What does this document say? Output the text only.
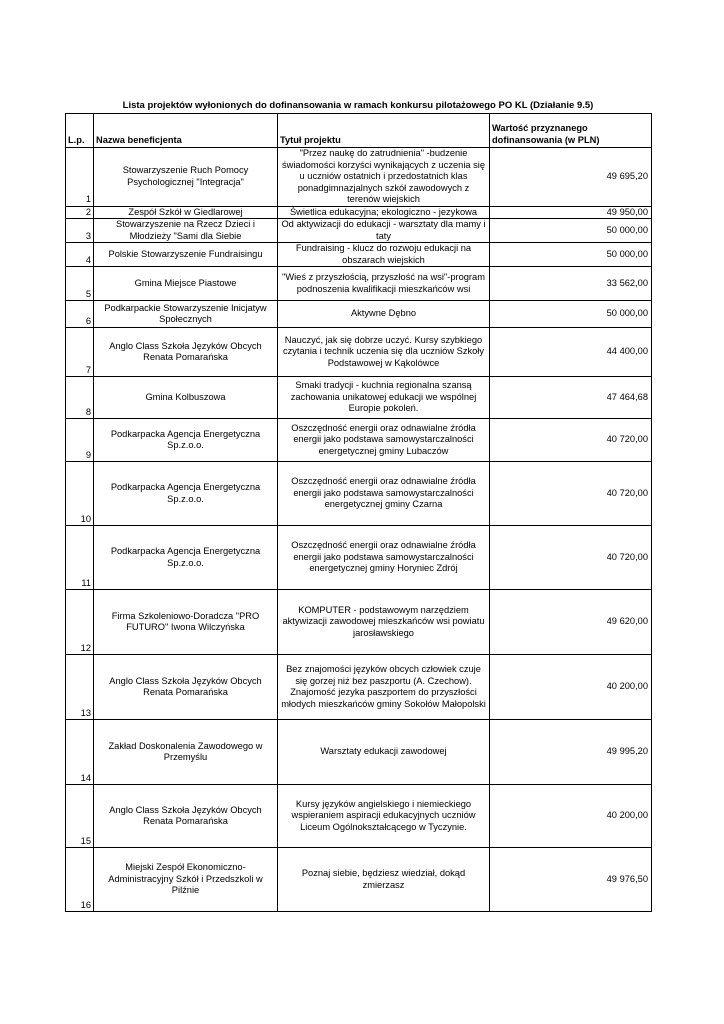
Lista projektów wyłonionych do dofinansowania w ramach konkursu pilotażowego PO KL (Działanie 9.5)
L.p.	Nazwa beneficjenta	Tytuł projektu	Wartość przyznanego dofinansowania (w PLN)
1	Stowarzyszenie Ruch Pomocy Psychologicznej "Integracja"	"Przez naukę do zatrudnienia" -budzenie świadomości korzyści wynikających z uczenia się u uczniów ostatnich i przedostatnich klas ponadgimnazjalnych szkół zawodowych z terenów wiejskich	49 695,20
2	Zespół Szkół w Giedlarowej	Świetlica edukacyjna; ekologiczno - jezykowa	49 950,00
3	Stowarzyszenie na Rzecz Dzieci i Młodzieży "Sami dla Siebie	Od aktywizacji do edukacji - warsztaty dla mamy i taty	50 000,00
4	Polskie Stowarzyszenie Fundraisingu	Fundraising - klucz do rozwoju edukacji na obszarach wiejskich	50 000,00
5	Gmina Miejsce Piastowe	"Wieś z przyszłością, przyszłość na wsi"-program podnoszenia kwalifikacji mieszkańców wsi	33 562,00
6	Podkarpackie Stowarzyszenie Inicjatyw Społecznych	Aktywne Dębno	50 000,00
7	Anglo Class Szkoła Języków Obcych Renata Pomarańska	Nauczyć, jak się dobrze uczyć. Kursy szybkiego czytania i technik uczenia się dla uczniów Szkoły Podstawowej w Kąkolówce	44 400,00
8	Gmina Kolbuszowa	Smaki tradycji - kuchnia regionalna szansą zachowania unikatowej edukacji we wspólnej Europie pokoleń.	47 464,68
9	Podkarpacka Agencja Energetyczna Sp.z.o.o.	Oszczędność energii oraz odnawialne źródła energii jako podstawa samowystarczalności energetycznej gminy Lubaczów	40 720,00
10	Podkarpacka Agencja Energetyczna Sp.z.o.o.	Oszczędność energii oraz odnawialne źródła energii jako podstawa samowystarczalności energetycznej gminy Czarna	40 720,00
11	Podkarpacka Agencja Energetyczna Sp.z.o.o.	Oszczędność energii oraz odnawialne źródła energii jako podstawa samowystarczalności energetycznej gminy Horyniec Zdrój	40 720,00
12	Firma Szkoleniowo-Doradcza "PRO FUTURO" Iwona Wilczyńska	KOMPUTER - podstawowym narzędziem aktywizacji zawodowej mieszkańców wsi powiatu jarosławskiego	49 620,00
13	Anglo Class Szkoła Języków Obcych Renata Pomarańska	Bez znajomości języków obcych człowiek czuje się gorzej niż bez paszportu (A. Czechow). Znajomość jezyka paszportem do przyszłości młodych mieszkańców gminy Sokołów Małopolski	40 200,00
14	Zakład Doskonalenia Zawodowego w Przemyślu	Warsztaty edukacji zawodowej	49 995,20
15	Anglo Class Szkoła Języków Obcych Renata Pomarańska	Kursy języków angielskiego i niemieckiego wspieraniem aspiracji edukacyjnych uczniów Liceum Ogólnokształcącego w Tyczynie.	40 200,00
16	Miejski Zespół Ekonomiczno-Administracyjny Szkół i Przedszkoli w Pilźnie	Poznaj siebie, będziesz wiedział, dokąd zmierzasz	49 976,50
